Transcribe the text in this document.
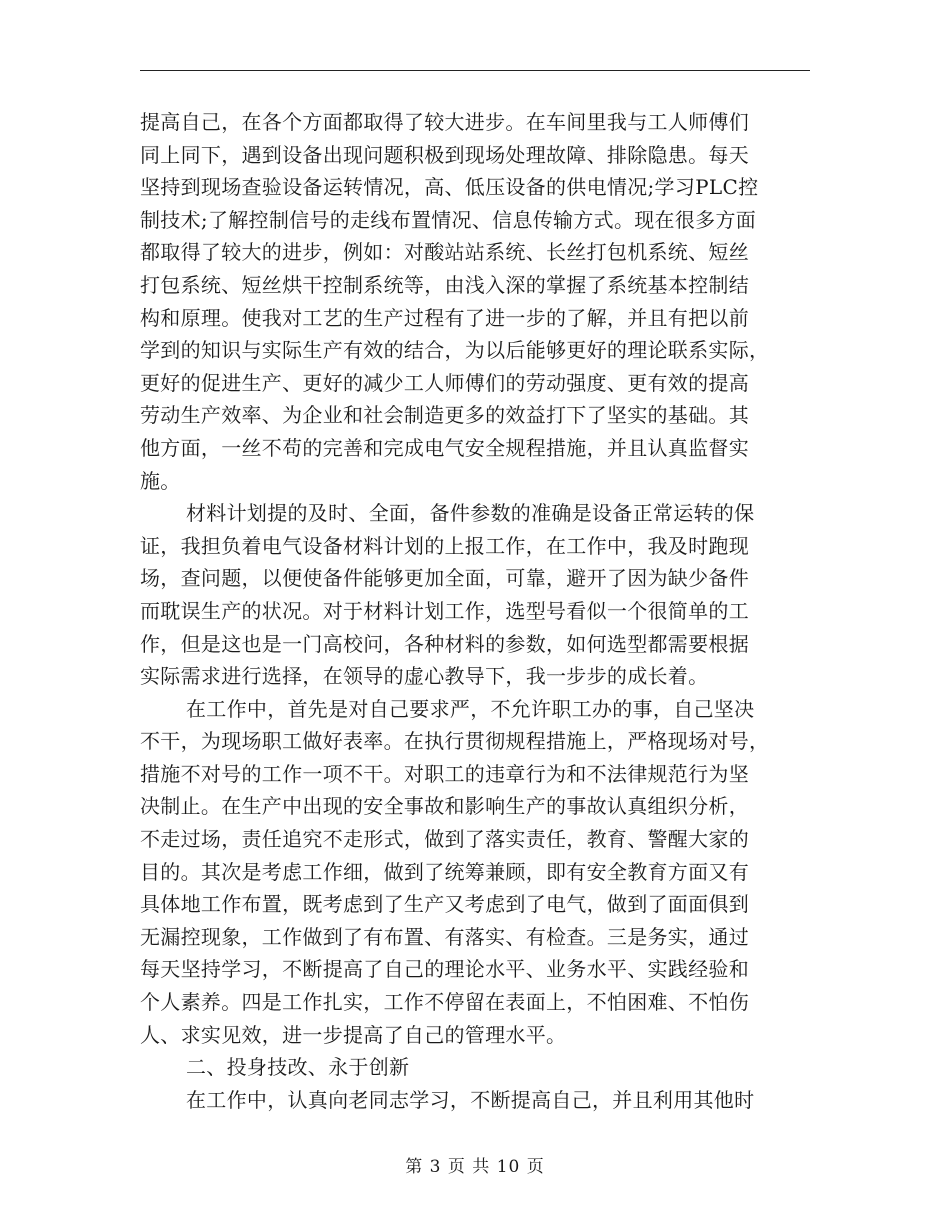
提高自己，在各个方面都取得了较大进步。在车间里我与工人师傅们
同上同下，遇到设备出现问题积极到现场处理故障、排除隐患。每天
坚持到现场查验设备运转情况，高、低压设备的供电情况;学习PLC控
制技术;了解控制信号的走线布置情况、信息传输方式。现在很多方面
都取得了较大的进步，例如：对酸站站系统、长丝打包机系统、短丝
打包系统、短丝烘干控制系统等，由浅入深的掌握了系统基本控制结
构和原理。使我对工艺的生产过程有了进一步的了解，并且有把以前
学到的知识与实际生产有效的结合，为以后能够更好的理论联系实际，
更好的促进生产、更好的减少工人师傅们的劳动强度、更有效的提高
劳动生产效率、为企业和社会制造更多的效益打下了坚实的基础。其
他方面，一丝不苟的完善和完成电气安全规程措施，并且认真监督实
施。
材料计划提的及时、全面，备件参数的准确是设备正常运转的保
证，我担负着电气设备材料计划的上报工作，在工作中，我及时跑现
场，查问题，以便使备件能够更加全面，可靠，避开了因为缺少备件
而耽误生产的状况。对于材料计划工作，选型号看似一个很简单的工
作，但是这也是一门高校问，各种材料的参数，如何选型都需要根据
实际需求进行选择，在领导的虚心教导下，我一步步的成长着。
在工作中，首先是对自己要求严，不允许职工办的事，自己坚决
不干，为现场职工做好表率。在执行贯彻规程措施上，严格现场对号，
措施不对号的工作一项不干。对职工的违章行为和不法律规范行为坚
决制止。在生产中出现的安全事故和影响生产的事故认真组织分析，
不走过场，责任追究不走形式，做到了落实责任，教育、警醒大家的
目的。其次是考虑工作细，做到了统筹兼顾，即有安全教育方面又有
具体地工作布置，既考虑到了生产又考虑到了电气，做到了面面俱到
无漏控现象，工作做到了有布置、有落实、有检查。三是务实，通过
每天坚持学习，不断提高了自己的理论水平、业务水平、实践经验和
个人素养。四是工作扎实，工作不停留在表面上，不怕困难、不怕伤
人、求实见效，进一步提高了自己的管理水平。
二、投身技改、永于创新
在工作中，认真向老同志学习，不断提高自己，并且利用其他时
第 3 页 共 10 页
